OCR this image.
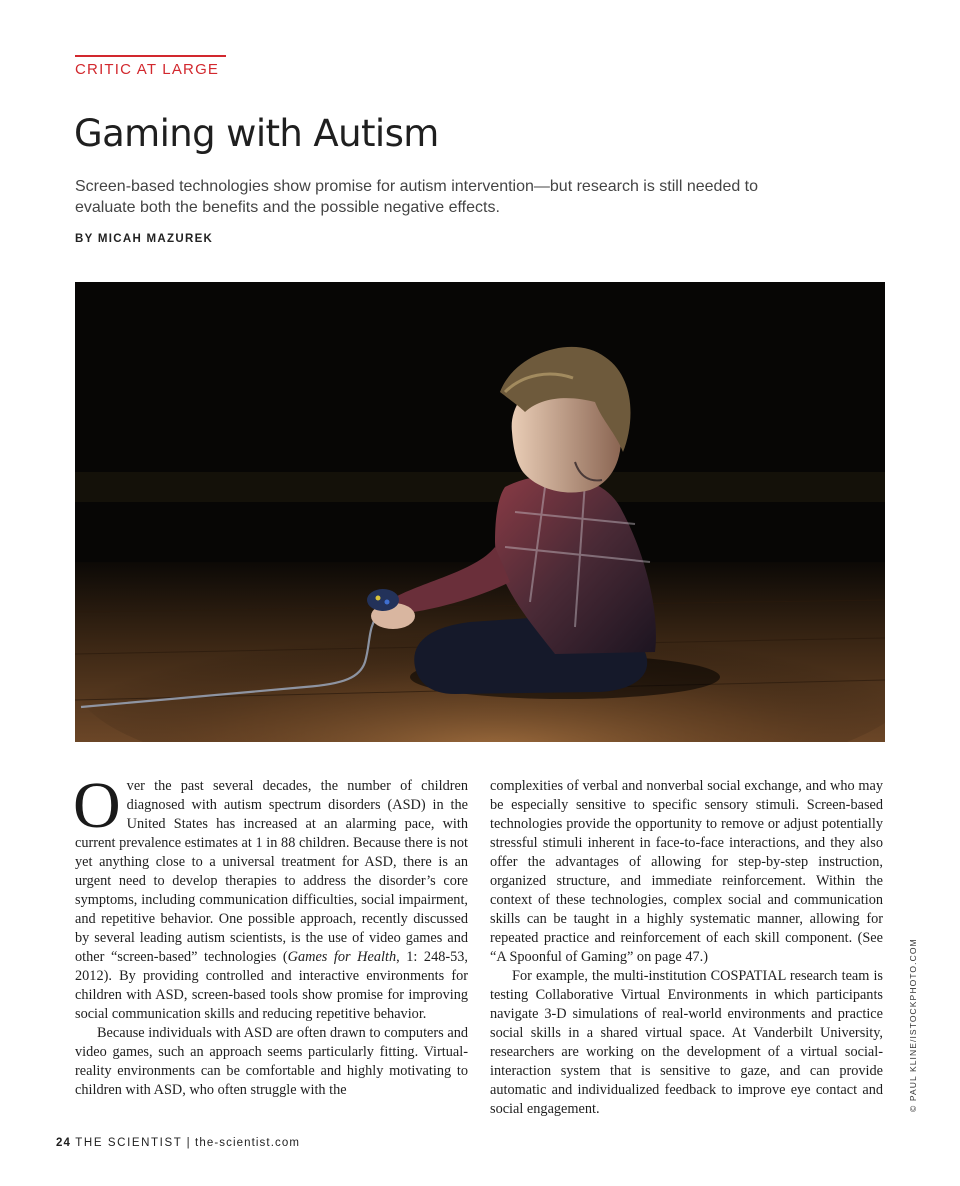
CRITIC AT LARGE
Gaming with Autism
Screen-based technologies show promise for autism intervention—but research is still needed to evaluate both the benefits and the possible negative effects.
BY MICAH MAZUREK

Over the past several decades, the number of children diagnosed with autism spectrum disorders (ASD) in the United States has increased at an alarming pace, with current prevalence estimates at 1 in 88 children. Because there is not yet anything close to a universal treatment for ASD, there is an urgent need to develop therapies to address the disorder’s core symptoms, including communication difficulties, social impairment, and repetitive behavior. One possible approach, recently discussed by several leading autism scientists, is the use of video games and other “screen-based” technologies (Games for Health, 1: 248-53, 2012). By providing controlled and interactive environments for children with ASD, screen-based tools show promise for improving social communication skills and reducing repetitive behavior.

Because individuals with ASD are often drawn to computers and video games, such an approach seems particularly fitting. Virtual-reality environments can be comfortable and highly motivating to children with ASD, who often struggle with the

complexities of verbal and nonverbal social exchange, and who may be especially sensitive to specific sensory stimuli. Screen-based technologies provide the opportunity to remove or adjust potentially stressful stimuli inherent in face-to-face interactions, and they also offer the advantages of allowing for step-by-step instruction, organized structure, and immediate reinforcement. Within the context of these technologies, complex social and communication skills can be taught in a highly systematic manner, allowing for repeated practice and reinforcement of each skill component. (See “A Spoonful of Gaming” on page 47.)

For example, the multi-institution COSPATIAL research team is testing Collaborative Virtual Environments in which participants navigate 3-D simulations of real-world environments and practice social skills in a shared virtual space. At Vanderbilt University, researchers are working on the development of a virtual social-interaction system that is sensitive to gaze, and can provide automatic and individualized feedback to improve eye contact and social engagement.	© PAUL KLINE/ISTOCKPHOTO.COM
24 THE SCIENTIST | the-scientist.com
